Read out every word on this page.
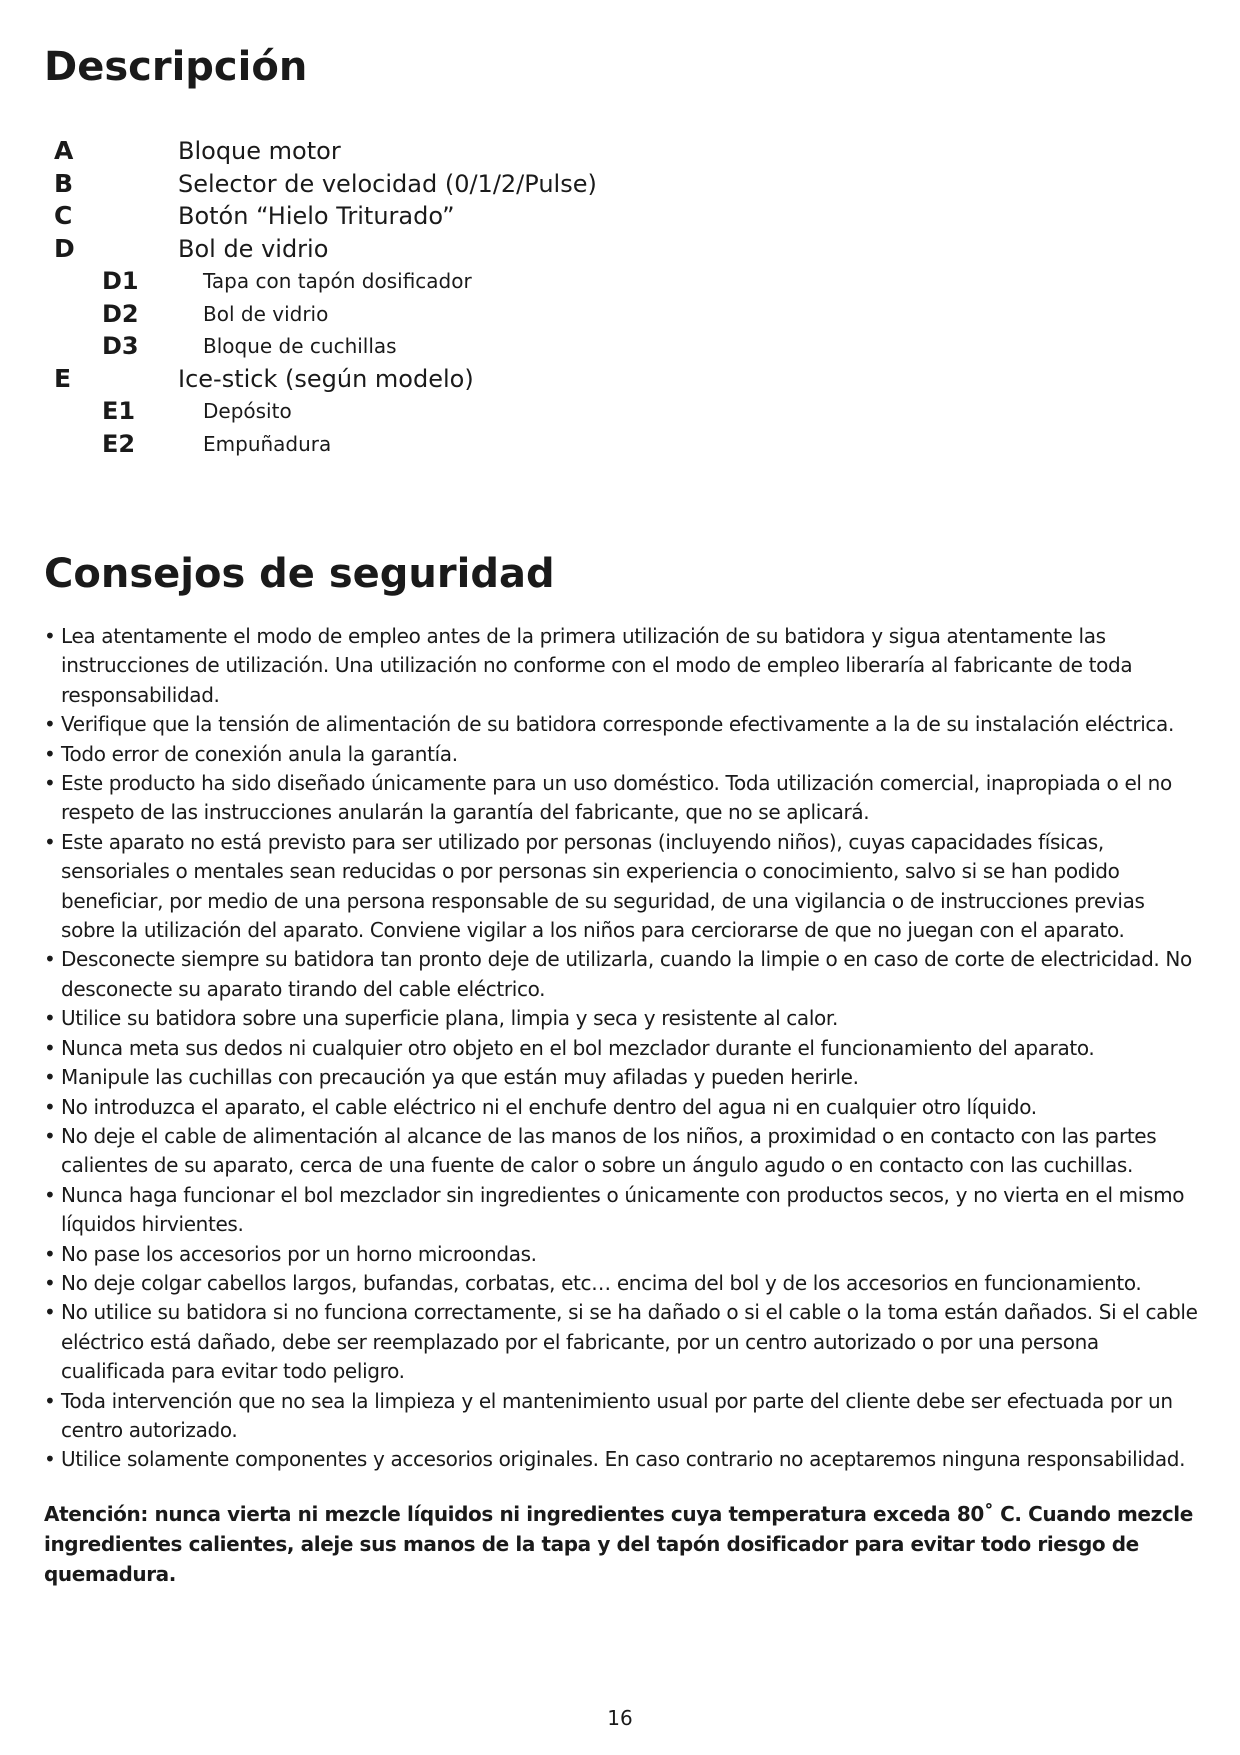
Descripción
A	Bloque motor
B	Selector de velocidad (0/1/2/Pulse)
C	Botón “Hielo Triturado”
D	Bol de vidrio
D1	Tapa con tapón dosificador
D2	Bol de vidrio
D3	Bloque de cuchillas
E	Ice-stick (según modelo)
E1	Depósito
E2	Empuñadura
Consejos de seguridad
• Lea atentamente el modo de empleo antes de la primera utilización de su batidora y sigua atentamente las instrucciones de utilización. Una utilización no conforme con el modo de empleo liberaría al fabricante de toda responsabilidad.
• Verifique que la tensión de alimentación de su batidora corresponde efectivamente a la de su instalación eléctrica.
• Todo error de conexión anula la garantía.
• Este producto ha sido diseñado únicamente para un uso doméstico. Toda utilización comercial, inapropiada o el no respeto de las instrucciones anularán la garantía del fabricante, que no se aplicará.
• Este aparato no está previsto para ser utilizado por personas (incluyendo niños), cuyas capacidades físicas, sensoriales o mentales sean reducidas o por personas sin experiencia o conocimiento, salvo si se han podido beneficiar, por medio de una persona responsable de su seguridad, de una vigilancia o de instrucciones previas sobre la utilización del aparato. Conviene vigilar a los niños para cerciorarse de que no juegan con el aparato.
• Desconecte siempre su batidora tan pronto deje de utilizarla, cuando la limpie o en caso de corte de electricidad. No desconecte su aparato tirando del cable eléctrico.
• Utilice su batidora sobre una superficie plana, limpia y seca y resistente al calor.
• Nunca meta sus dedos ni cualquier otro objeto en el bol mezclador durante el funcionamiento del aparato.
• Manipule las cuchillas con precaución ya que están muy afiladas y pueden herirle.
• No introduzca el aparato, el cable eléctrico ni el enchufe dentro del agua ni en cualquier otro líquido.
• No deje el cable de alimentación al alcance de las manos de los niños, a proximidad o en contacto con las partes calientes de su aparato, cerca de una fuente de calor o sobre un ángulo agudo o en contacto con las cuchillas.
• Nunca haga funcionar el bol mezclador sin ingredientes o únicamente con productos secos, y no vierta en el mismo líquidos hirvientes.
• No pase los accesorios por un horno microondas.
• No deje colgar cabellos largos, bufandas, corbatas, etc… encima del bol y de los accesorios en funcionamiento.
• No utilice su batidora si no funciona correctamente, si se ha dañado o si el cable o la toma están dañados. Si el cable eléctrico está dañado, debe ser reemplazado por el fabricante, por un centro autorizado o por una persona cualificada para evitar todo peligro.
• Toda intervención que no sea la limpieza y el mantenimiento usual por parte del cliente debe ser efectuada por un centro autorizado.
• Utilice solamente componentes y accesorios originales. En caso contrario no aceptaremos ninguna responsabilidad.
Atención: nunca vierta ni mezcle líquidos ni ingredientes cuya temperatura exceda 80˚ C. Cuando mezcle ingredientes calientes, aleje sus manos de la tapa y del tapón dosificador para evitar todo riesgo de quemadura.
16
